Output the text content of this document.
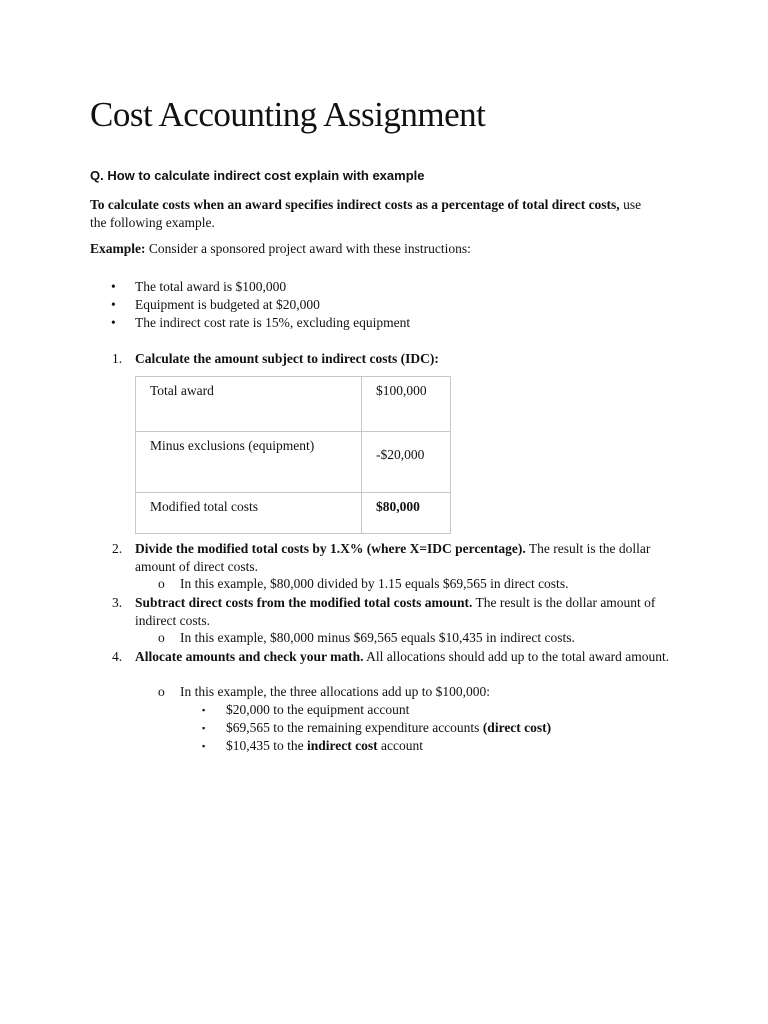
Cost Accounting Assignment
Q. How to calculate indirect cost explain with example
To calculate costs when an award specifies indirect costs as a percentage of total direct costs, use the following example.
Example: Consider a sponsored project award with these instructions:
• The total award is $100,000
• Equipment is budgeted at $20,000
• The indirect cost rate is 15%, excluding equipment
1. Calculate the amount subject to indirect costs (IDC):
Total award	$100,000
Minus exclusions (equipment)	-$20,000

Modified total costs	$80,000
2. Divide the modified total costs by 1.X% (where X=IDC percentage). The result is the dollar amount of direct costs.
o In this example, $80,000 divided by 1.15 equals $69,565 in direct costs.
3. Subtract direct costs from the modified total costs amount. The result is the dollar amount of indirect costs.
o In this example, $80,000 minus $69,565 equals $10,435 in indirect costs.
4. Allocate amounts and check your math. All allocations should add up to the total award amount.
o In this example, the three allocations add up to $100,000:
▪ $20,000 to the equipment account
▪ $69,565 to the remaining expenditure accounts (direct cost)
▪ $10,435 to the indirect cost account
